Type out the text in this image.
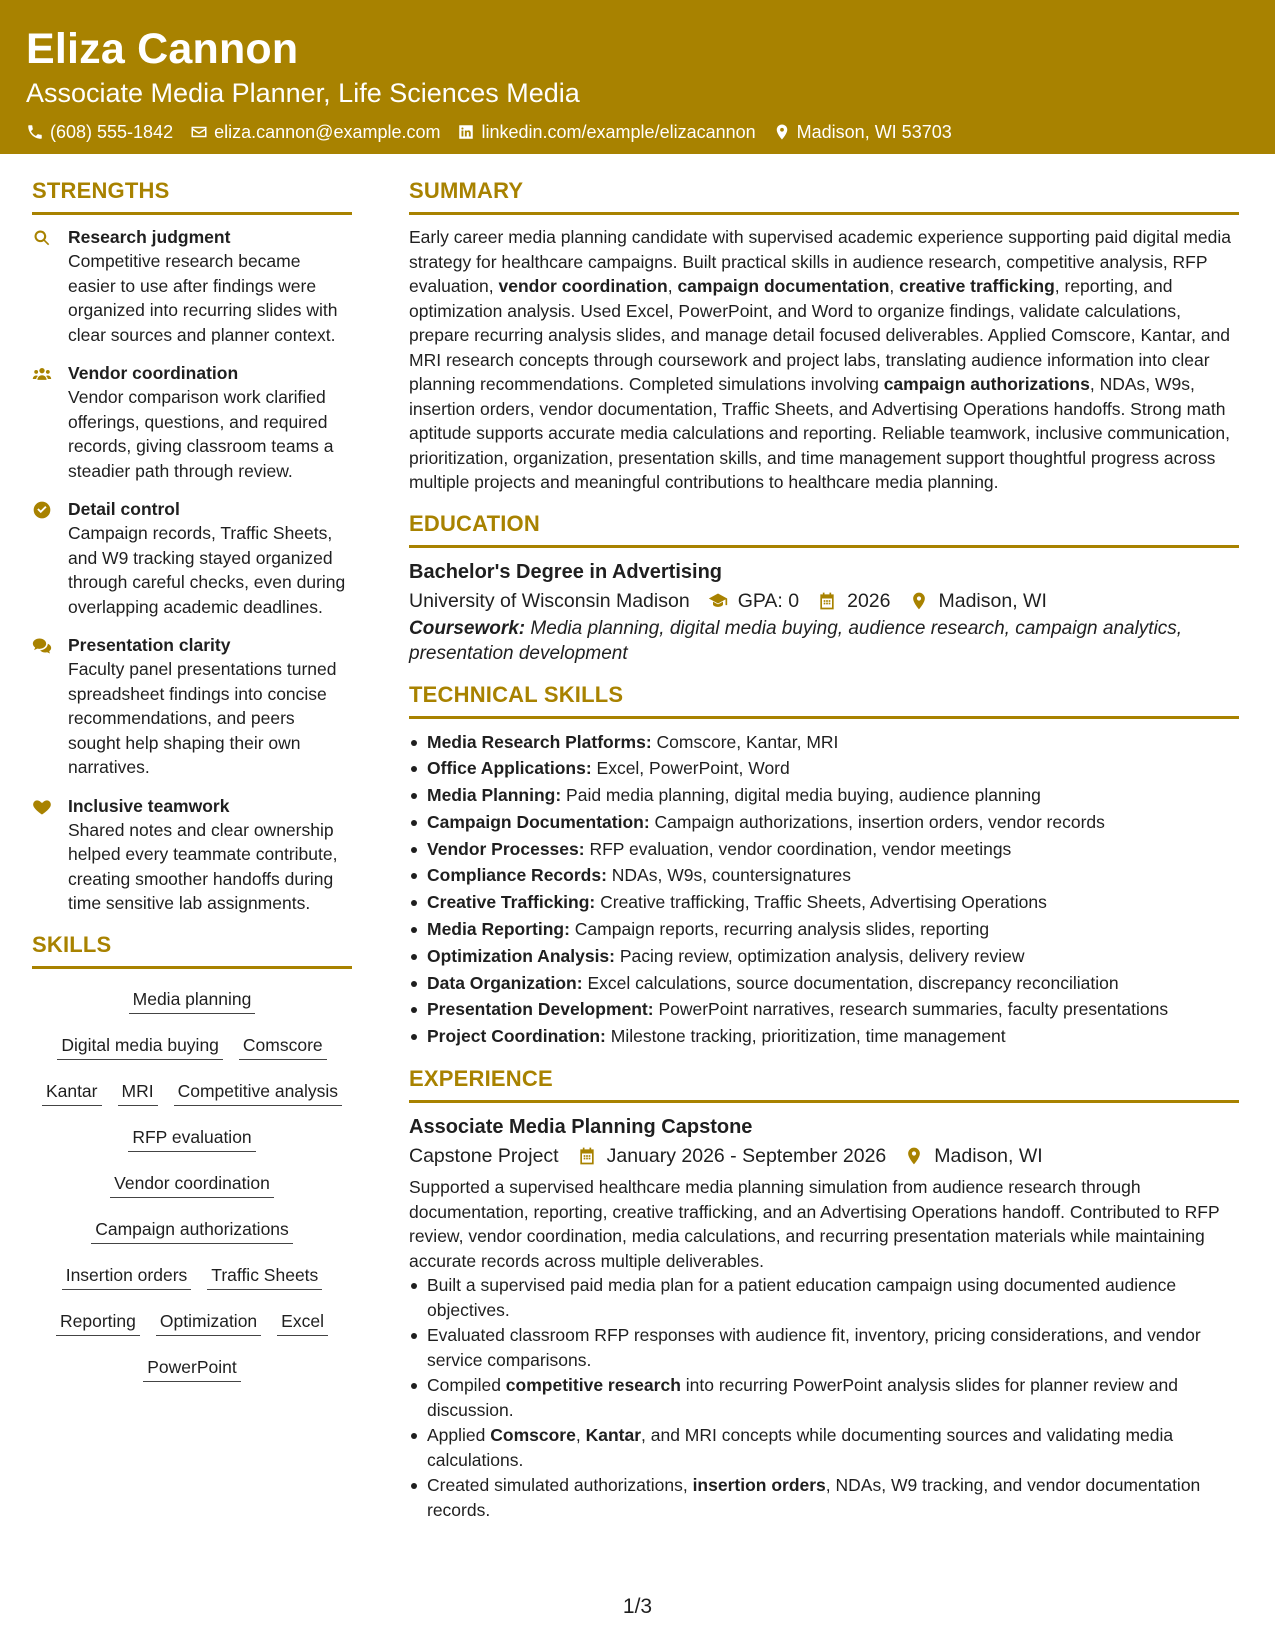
Eliza Cannon
Associate Media Planner, Life Sciences Media
(608) 555-1842 eliza.cannon@example.com linkedin.com/example/elizacannon Madison, WI 53703
STRENGTHS
Research judgment
Competitive research became easier to use after findings were organized into recurring slides with clear sources and planner context.
Vendor coordination
Vendor comparison work clarified offerings, questions, and required records, giving classroom teams a steadier path through review.
Detail control
Campaign records, Traffic Sheets, and W9 tracking stayed organized through careful checks, even during overlapping academic deadlines.
Presentation clarity
Faculty panel presentations turned spreadsheet findings into concise recommendations, and peers sought help shaping their own narratives.
Inclusive teamwork
Shared notes and clear ownership helped every teammate contribute, creating smoother handoffs during time sensitive lab assignments.
SKILLS
Media planning
Digital media buying Comscore
Kantar MRI Competitive analysis
RFP evaluation
Vendor coordination
Campaign authorizations
Insertion orders Traffic Sheets
Reporting Optimization Excel
PowerPoint
SUMMARY

Early career media planning candidate with supervised academic experience supporting paid digital media strategy for healthcare campaigns. Built practical skills in audience research, competitive analysis, RFP evaluation, vendor coordination, campaign documentation, creative trafficking, reporting, and optimization analysis. Used Excel, PowerPoint, and Word to organize findings, validate calculations, prepare recurring analysis slides, and manage detail focused deliverables. Applied Comscore, Kantar, and MRI research concepts through coursework and project labs, translating audience information into clear planning recommendations. Completed simulations involving campaign authorizations, NDAs, W9s, insertion orders, vendor documentation, Traffic Sheets, and Advertising Operations handoffs. Strong math aptitude supports accurate media calculations and reporting. Reliable teamwork, inclusive communication, prioritization, organization, presentation skills, and time management support thoughtful progress across multiple projects and meaningful contributions to healthcare media planning.

EDUCATION
Bachelor's Degree in Advertising
University of Wisconsin Madison GPA: 0 2026 Madison, WI

Coursework: Media planning, digital media buying, audience research, campaign analytics, presentation development

TECHNICAL SKILLS
Media Research Platforms: Comscore, Kantar, MRI
Office Applications: Excel, PowerPoint, Word
Media Planning: Paid media planning, digital media buying, audience planning
Campaign Documentation: Campaign authorizations, insertion orders, vendor records
Vendor Processes: RFP evaluation, vendor coordination, vendor meetings
Compliance Records: NDAs, W9s, countersignatures
Creative Trafficking: Creative trafficking, Traffic Sheets, Advertising Operations
Media Reporting: Campaign reports, recurring analysis slides, reporting
Optimization Analysis: Pacing review, optimization analysis, delivery review
Data Organization: Excel calculations, source documentation, discrepancy reconciliation
Presentation Development: PowerPoint narratives, research summaries, faculty presentations
Project Coordination: Milestone tracking, prioritization, time management
EXPERIENCE
Associate Media Planning Capstone
Capstone Project January 2026 - September 2026 Madison, WI

Supported a supervised healthcare media planning simulation from audience research through documentation, reporting, creative trafficking, and an Advertising Operations handoff. Contributed to RFP review, vendor coordination, media calculations, and recurring presentation materials while maintaining accurate records across multiple deliverables.

Built a supervised paid media plan for a patient education campaign using documented audience objectives.
Evaluated classroom RFP responses with audience fit, inventory, pricing considerations, and vendor service comparisons.
Compiled competitive research into recurring PowerPoint analysis slides for planner review and discussion.
Applied Comscore, Kantar, and MRI concepts while documenting sources and validating media calculations.
Created simulated authorizations, insertion orders, NDAs, W9 tracking, and vendor documentation records.
1/3
